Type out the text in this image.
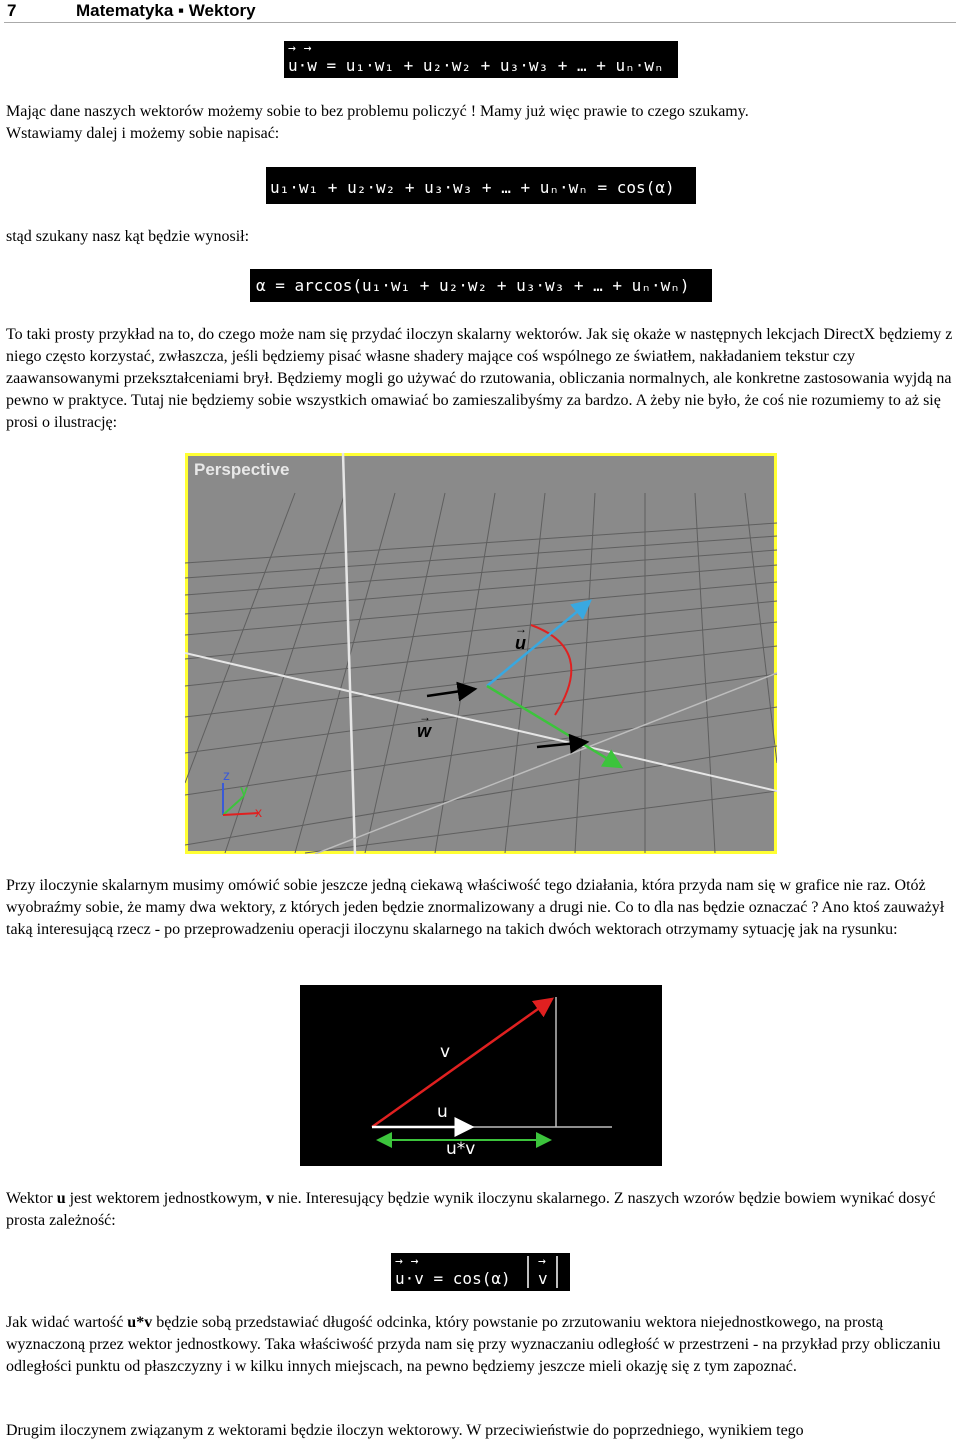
7	Matematyka ▪ Wektory
→ →
u·w = u₁·w₁ + u₂·w₂ + u₃·w₃ + … + uₙ·wₙ
Mając dane naszych wektorów możemy sobie to bez problemu policzyć ! Mamy już więc prawie to czego szukamy.
Wstawiamy dalej i możemy sobie napisać:
u₁·w₁ + u₂·w₂ + u₃·w₃ + … + uₙ·wₙ = cos(α)
stąd szukany nasz kąt będzie wynosił:
α = arccos(u₁·w₁ + u₂·w₂ + u₃·w₃ + … + uₙ·wₙ)
To taki prosty przykład na to, do czego może nam się przydać iloczyn skalarny wektorów. Jak się okaże w następnych lekcjach DirectX będziemy z niego często korzystać, zwłaszcza, jeśli będziemy pisać własne shadery mające coś wspólnego ze światłem, nakładaniem tekstur czy zaawansowanymi przekształceniami brył. Będziemy mogli go używać do rzutowania, obliczania normalnych, ale konkretne zastosowania wyjdą na pewno w praktyce. Tutaj nie będziemy sobie wszystkich omawiać bo zamieszalibyśmy za bardzo. A żeby nie było, że coś nie rozumiemy to aż się prosi o ilustrację:
Perspective
u
→
w
→
z
y
x
Przy iloczynie skalarnym musimy omówić sobie jeszcze jedną ciekawą właściwość tego działania, która przyda nam się w grafice nie raz. Otóż wyobraźmy sobie, że mamy dwa wektory, z których jeden będzie znormalizowany a drugi nie. Co to dla nas będzie oznaczać ? Ano ktoś zauważył taką interesującą rzecz - po przeprowadzeniu operacji iloczynu skalarnego na takich dwóch wektorach otrzymamy sytuację jak na rysunku:
v
u
u*v
Wektor u jest wektorem jednostkowym, v nie. Interesujący będzie wynik iloczynu skalarnego. Z naszych wzorów będzie bowiem wynikać dosyć prosta zależność:
→ →
u·v = cos(α)
→
v
Jak widać wartość u*v będzie sobą przedstawiać długość odcinka, który powstanie po zrzutowaniu wektora niejednostkowego, na prostą wyznaczoną przez wektor jednostkowy. Taka właściwość przyda nam się przy wyznaczaniu odległość w przestrzeni - na przykład przy obliczaniu odległości punktu od płaszczyzny i w kilku innych miejscach, na pewno będziemy jeszcze mieli okazję się z tym zapoznać.
Drugim iloczynem związanym z wektorami będzie iloczyn wektorowy. W przeciwieństwie do poprzedniego, wynikiem tego
